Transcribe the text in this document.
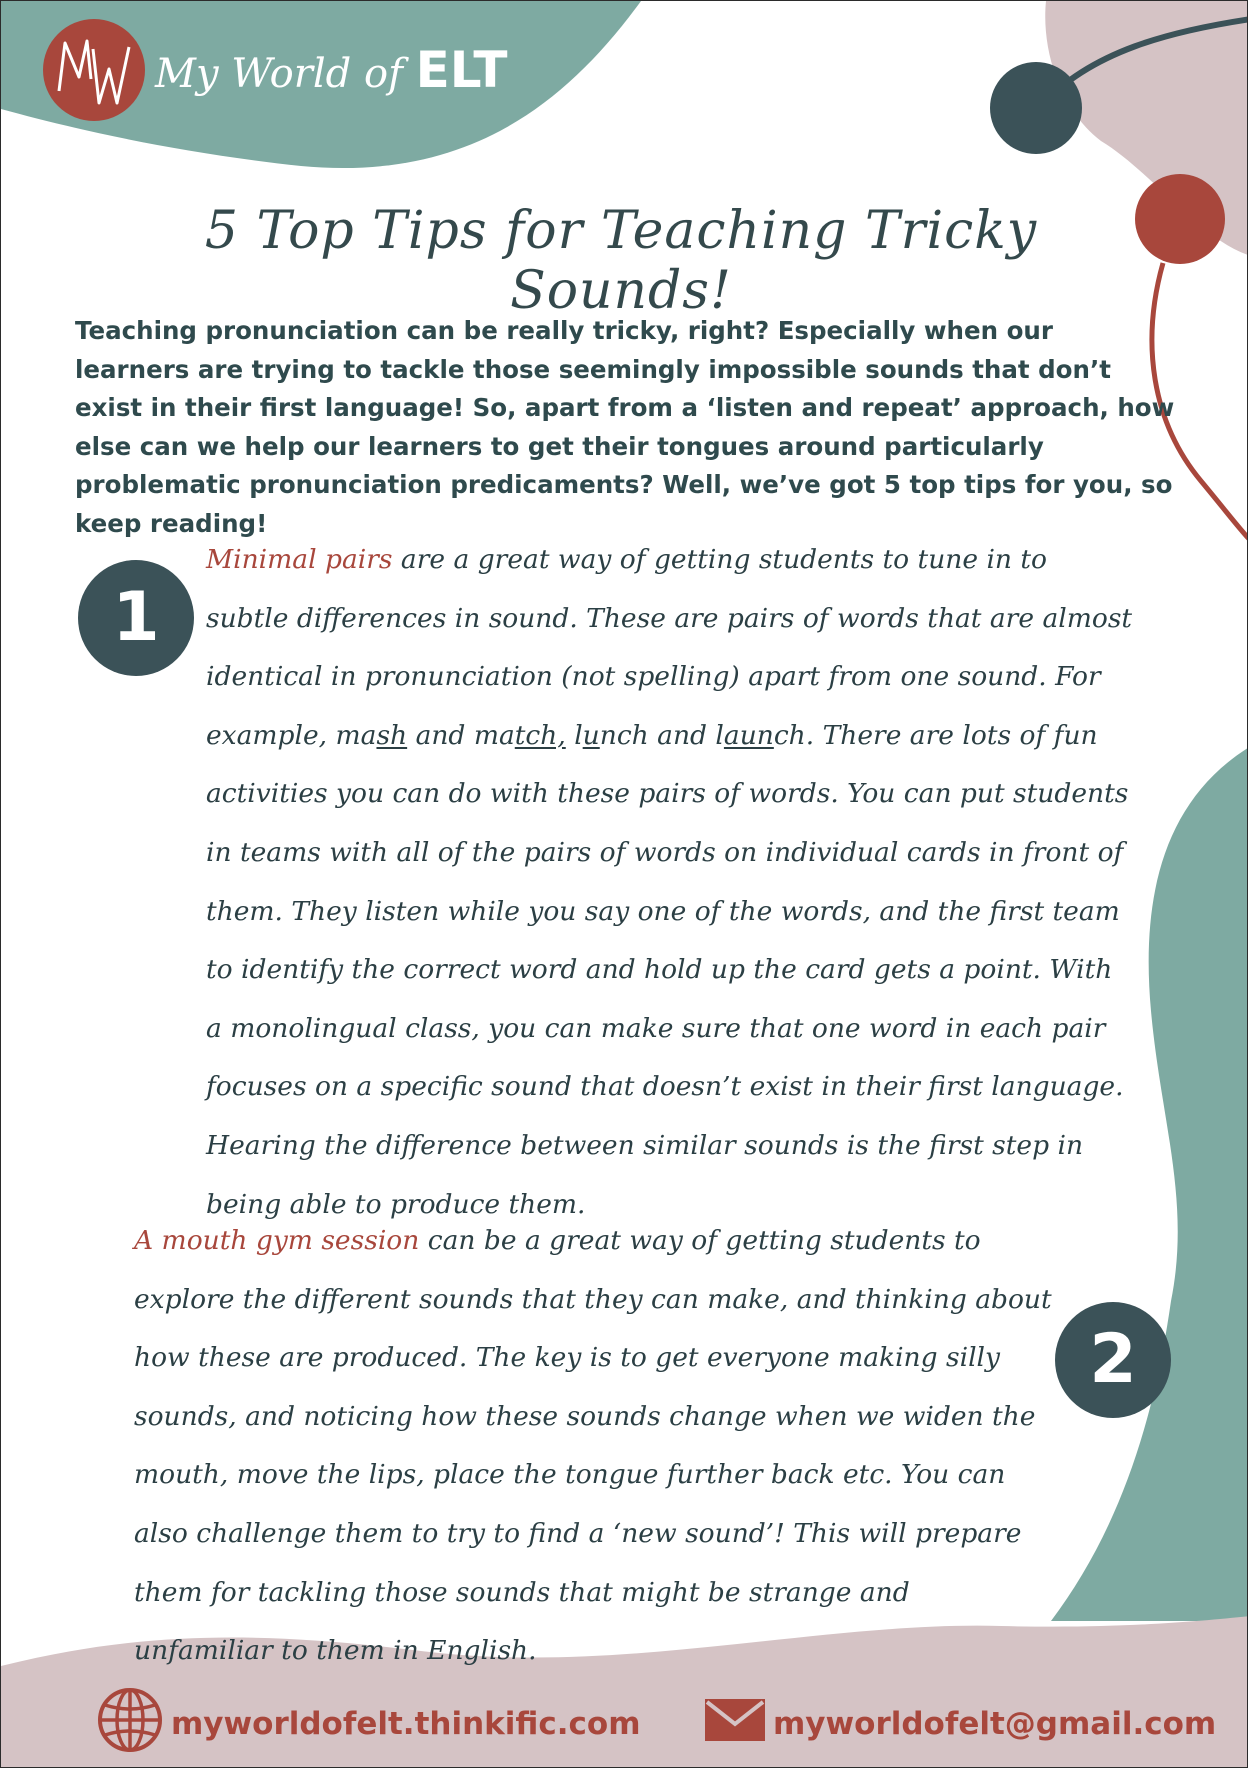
My World of ELT
5 Top Tips for Teaching Tricky Sounds!

Teaching pronunciation can be really tricky, right? Especially when our learners are trying to tackle those seemingly impossible sounds that don’t exist in their first language! So, apart from a ‘listen and repeat’ approach, how else can we help our learners to get their tongues around particularly problematic pronunciation predicaments? Well, we’ve got 5 top tips for you, so keep reading!

1

Minimal pairs are a great way of getting students to tune in to subtle differences in sound. These are pairs of words that are almost identical in pronunciation (not spelling) apart from one sound. For example, mash and match, lunch and launch. There are lots of fun activities you can do with these pairs of words. You can put students in teams with all of the pairs of words on individual cards in front of them. They listen while you say one of the words, and the first team to identify the correct word and hold up the card gets a point. With a monolingual class, you can make sure that one word in each pair focuses on a specific sound that doesn’t exist in their first language. Hearing the difference between similar sounds is the first step in being able to produce them.

A mouth gym session can be a great way of getting students to explore the different sounds that they can make, and thinking about how these are produced. The key is to get everyone making silly sounds, and noticing how these sounds change when we widen the mouth, move the lips, place the tongue further back etc. You can also challenge them to try to find a ‘new sound’! This will prepare them for tackling those sounds that might be strange and unfamiliar to them in English.

2
myworldofelt.thinkific.com	myworldofelt@gmail.com
